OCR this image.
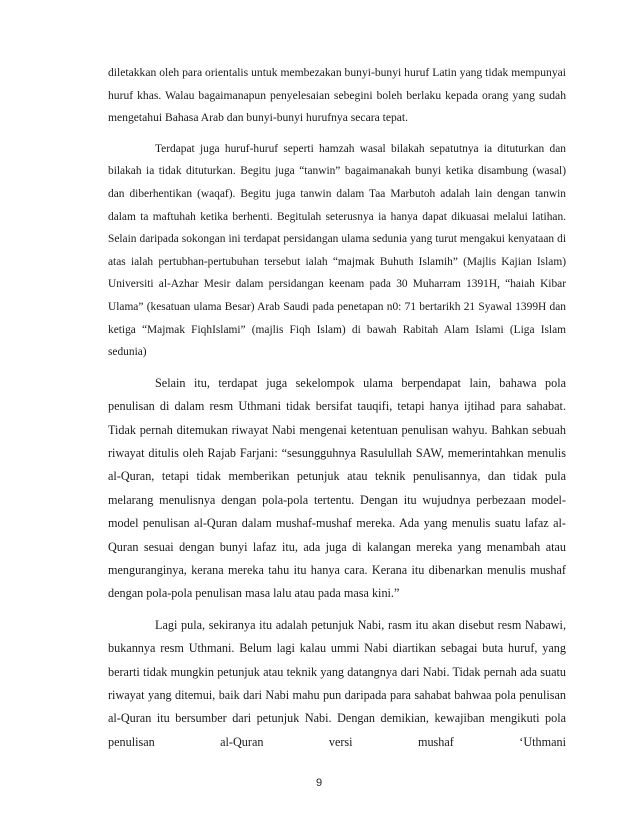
diletakkan oleh para orientalis untuk membezakan bunyi-bunyi huruf Latin yang tidak mempunyai huruf khas. Walau bagaimanapun penyelesaian sebegini boleh berlaku kepada orang yang sudah mengetahui Bahasa Arab dan bunyi-bunyi hurufnya secara tepat.

Terdapat juga huruf-huruf seperti hamzah wasal bilakah sepatutnya ia dituturkan dan bilakah ia tidak dituturkan. Begitu juga “tanwin” bagaimanakah bunyi ketika disambung (wasal) dan diberhentikan (waqaf). Begitu juga tanwin dalam Taa Marbutoh adalah lain dengan tanwin dalam ta maftuhah ketika berhenti. Begitulah seterusnya ia hanya dapat dikuasai melalui latihan. Selain daripada sokongan ini terdapat persidangan ulama sedunia yang turut mengakui kenyataan di atas ialah pertubhan-pertubuhan tersebut ialah “majmak Buhuth Islamih” (Majlis Kajian Islam) Universiti al-Azhar Mesir dalam persidangan keenam pada 30 Muharram 1391H, “haiah Kibar Ulama” (kesatuan ulama Besar) Arab Saudi pada penetapan n0: 71 bertarikh 21 Syawal 1399H dan ketiga “Majmak FiqhIslami” (majlis Fiqh Islam) di bawah Rabitah Alam Islami (Liga Islam sedunia)

Selain itu, terdapat juga sekelompok ulama berpendapat lain, bahawa pola penulisan di dalam resm Uthmani tidak bersifat tauqifi, tetapi hanya ijtihad para sahabat. Tidak pernah ditemukan riwayat Nabi mengenai ketentuan penulisan wahyu. Bahkan sebuah riwayat ditulis oleh Rajab Farjani: “sesungguhnya Rasulullah SAW, memerintahkan menulis al-Quran, tetapi tidak memberikan petunjuk atau teknik penulisannya, dan tidak pula melarang menulisnya dengan pola-pola tertentu. Dengan itu wujudnya perbezaan model-model penulisan al-Quran dalam mushaf-mushaf mereka. Ada yang menulis suatu lafaz al-Quran sesuai dengan bunyi lafaz itu, ada juga di kalangan mereka yang menambah atau menguranginya, kerana mereka tahu itu hanya cara. Kerana itu dibenarkan menulis mushaf dengan pola-pola penulisan masa lalu atau pada masa kini.”

Lagi pula, sekiranya itu adalah petunjuk Nabi, rasm itu akan disebut resm Nabawi, bukannya resm Uthmani. Belum lagi kalau ummi Nabi diartikan sebagai buta huruf, yang berarti tidak mungkin petunjuk atau teknik yang datangnya dari Nabi. Tidak pernah ada suatu riwayat yang ditemui, baik dari Nabi mahu pun daripada para sahabat bahwaa pola penulisan al-Quran itu bersumber dari petunjuk Nabi. Dengan demikian, kewajiban mengikuti pola penulisan al-Quran versi mushaf ‘Uthmani

9
